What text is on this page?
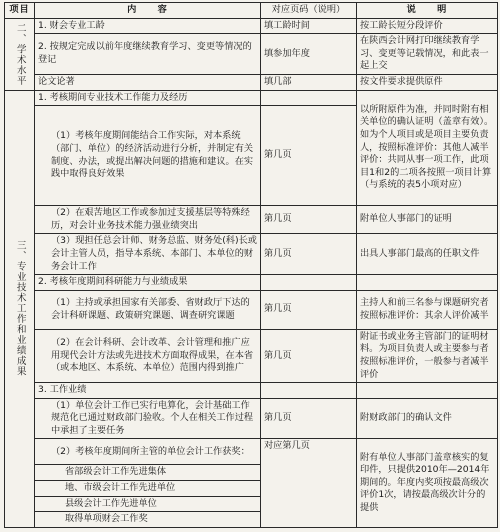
项目	内　　容	对应页码（说明）	说　　明

二、学术水平	1. 财会专业工龄	填工龄时间	按工龄长短分段评价
	2. 按规定完成以前年度继续教育学习、变更等情况的登记	填参加年度	在陕西会计网打印继续教育学习、变更等记载情况，和此表一起上交
	论文论著	填几部	按文件要求提供原件

三、专业技术工作和业绩成果	1. 考核期间专业技术工作能力及经历		以所附原件为准，并同时附有相关单位的确认证明（盖章有效）。如为个人项目或是项目主要负责人，按照标准评价：其他人减半评价：共同从事一项工作，此项目1和2的二项各按照一项目计算（与系统的表5小项对应）
	（1）考核年度期间能结合工作实际，对本系统（部门、单位）的经济活动进行分析，并制定有关制度、办法，或提出解决问题的措施和建议。在实践中取得良好效果	第几页	
	（2）在艰苦地区工作或参加过支援基层等特殊经历，对会计业务技术能力强业绩突出	第几页	附单位人事部门的证明
	（3）现担任总会计师、财务总监、财务处(科)长或会计主管人员，指导本系统、本部门、本单位的财务会计工作	第几页	出具人事部门最高的任职文件
	2. 考核年度期间科研能力与业绩成果		
	（1）主持或承担国家有关部委、省财政厅下达的会计科研课题、政策研究课题、调查研究课题	第几页	主持人和前三名参与课题研究者按照标准评价：其余人评价减半
	（2）在会计科研、会计改革、会计管理和推广应用现代会计方法或先进技术方面取得成果，在本省（或本地区、本系统、本单位）范围内得到推广	第几页	附证书或业务主管部门的证明材料。为项目负责人或主要参与者按照标准评价，一般参与者减半评价
	3. 工作业绩		
	（1）单位会计工作已实行电算化，会计基础工作规范化已通过财政部门验收。个人在相关工作过程中承担了主要任务	第几页	附财政部门的确认文件
	（2）考核年度期间所主管的单位会计工作获奖：	对应第几页	附有单位人事部门盖章核实的复印件，只提供2010年—2014年期间的。年度内奖项按最高级次评价1次，请按最高级次计分的提供
	省部级会计工作先进集体		
	地、市级会计工作先进单位		
	县级会计工作先进单位		
	取得单项财会工作奖		
